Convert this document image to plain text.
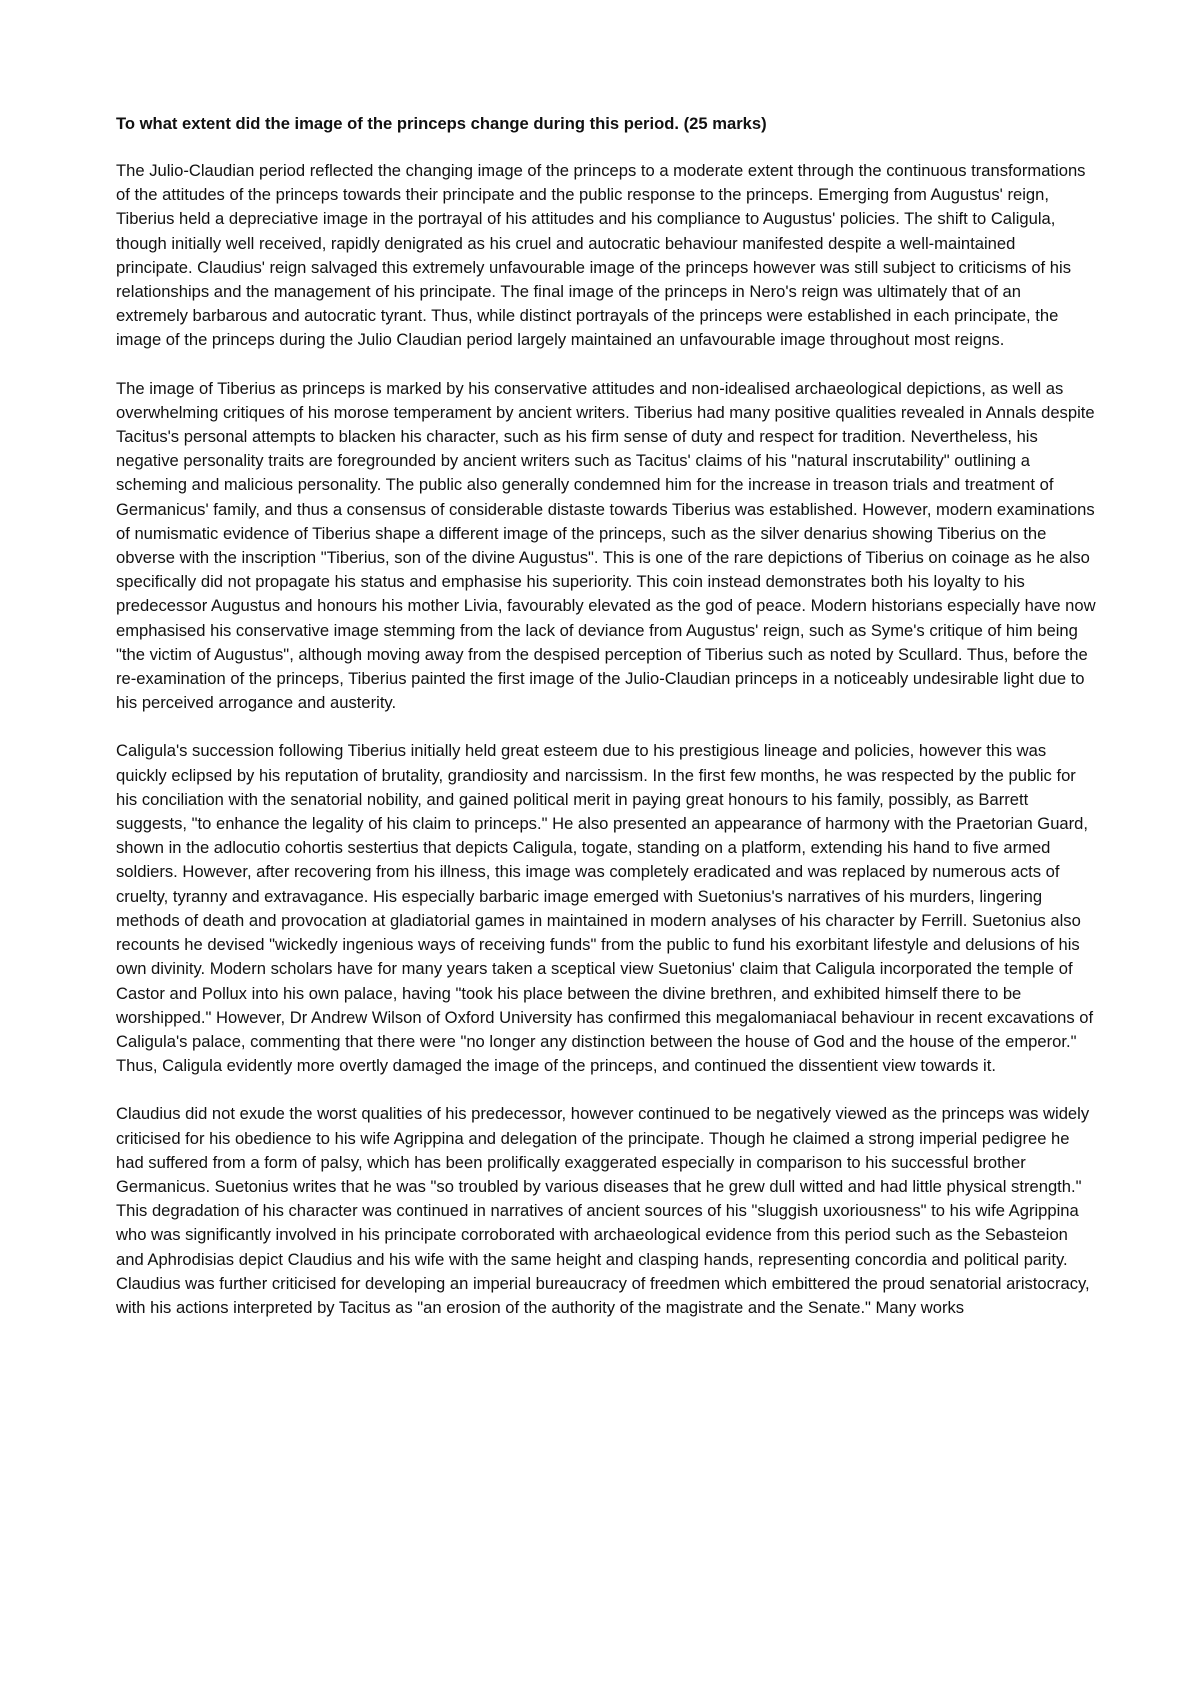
To what extent did the image of the princeps change during this period. (25 marks)

The Julio-Claudian period reflected the changing image of the princeps to a moderate extent through the continuous transformations of the attitudes of the princeps towards their principate and the public response to the princeps. Emerging from Augustus' reign, Tiberius held a depreciative image in the portrayal of his attitudes and his compliance to Augustus' policies. The shift to Caligula, though initially well received, rapidly denigrated as his cruel and autocratic behaviour manifested despite a well-maintained principate. Claudius' reign salvaged this extremely unfavourable image of the princeps however was still subject to criticisms of his relationships and the management of his principate. The final image of the princeps in Nero's reign was ultimately that of an extremely barbarous and autocratic tyrant. Thus, while distinct portrayals of the princeps were established in each principate, the image of the princeps during the Julio Claudian period largely maintained an unfavourable image throughout most reigns.

The image of Tiberius as princeps is marked by his conservative attitudes and non-idealised archaeological depictions, as well as overwhelming critiques of his morose temperament by ancient writers. Tiberius had many positive qualities revealed in Annals despite Tacitus's personal attempts to blacken his character, such as his firm sense of duty and respect for tradition. Nevertheless, his negative personality traits are foregrounded by ancient writers such as Tacitus' claims of his "natural inscrutability" outlining a scheming and malicious personality. The public also generally condemned him for the increase in treason trials and treatment of Germanicus' family, and thus a consensus of considerable distaste towards Tiberius was established. However, modern examinations of numismatic evidence of Tiberius shape a different image of the princeps, such as the silver denarius showing Tiberius on the obverse with the inscription "Tiberius, son of the divine Augustus". This is one of the rare depictions of Tiberius on coinage as he also specifically did not propagate his status and emphasise his superiority. This coin instead demonstrates both his loyalty to his predecessor Augustus and honours his mother Livia, favourably elevated as the god of peace. Modern historians especially have now emphasised his conservative image stemming from the lack of deviance from Augustus' reign, such as Syme's critique of him being "the victim of Augustus", although moving away from the despised perception of Tiberius such as noted by Scullard. Thus, before the re-examination of the princeps, Tiberius painted the first image of the Julio-Claudian princeps in a noticeably undesirable light due to his perceived arrogance and austerity.

Caligula's succession following Tiberius initially held great esteem due to his prestigious lineage and policies, however this was quickly eclipsed by his reputation of brutality, grandiosity and narcissism. In the first few months, he was respected by the public for his conciliation with the senatorial nobility, and gained political merit in paying great honours to his family, possibly, as Barrett suggests, "to enhance the legality of his claim to princeps." He also presented an appearance of harmony with the Praetorian Guard, shown in the adlocutio cohortis sestertius that depicts Caligula, togate, standing on a platform, extending his hand to five armed soldiers. However, after recovering from his illness, this image was completely eradicated and was replaced by numerous acts of cruelty, tyranny and extravagance. His especially barbaric image emerged with Suetonius's narratives of his murders, lingering methods of death and provocation at gladiatorial games in maintained in modern analyses of his character by Ferrill. Suetonius also recounts he devised "wickedly ingenious ways of receiving funds" from the public to fund his exorbitant lifestyle and delusions of his own divinity. Modern scholars have for many years taken a sceptical view Suetonius' claim that Caligula incorporated the temple of Castor and Pollux into his own palace, having "took his place between the divine brethren, and exhibited himself there to be worshipped." However, Dr Andrew Wilson of Oxford University has confirmed this megalomaniacal behaviour in recent excavations of Caligula's palace, commenting that there were "no longer any distinction between the house of God and the house of the emperor." Thus, Caligula evidently more overtly damaged the image of the princeps, and continued the dissentient view towards it.

Claudius did not exude the worst qualities of his predecessor, however continued to be negatively viewed as the princeps was widely criticised for his obedience to his wife Agrippina and delegation of the principate. Though he claimed a strong imperial pedigree he had suffered from a form of palsy, which has been prolifically exaggerated especially in comparison to his successful brother Germanicus. Suetonius writes that he was "so troubled by various diseases that he grew dull witted and had little physical strength." This degradation of his character was continued in narratives of ancient sources of his "sluggish uxoriousness" to his wife Agrippina who was significantly involved in his principate corroborated with archaeological evidence from this period such as the Sebasteion and Aphrodisias depict Claudius and his wife with the same height and clasping hands, representing concordia and political parity. Claudius was further criticised for developing an imperial bureaucracy of freedmen which embittered the proud senatorial aristocracy, with his actions interpreted by Tacitus as "an erosion of the authority of the magistrate and the Senate." Many works
